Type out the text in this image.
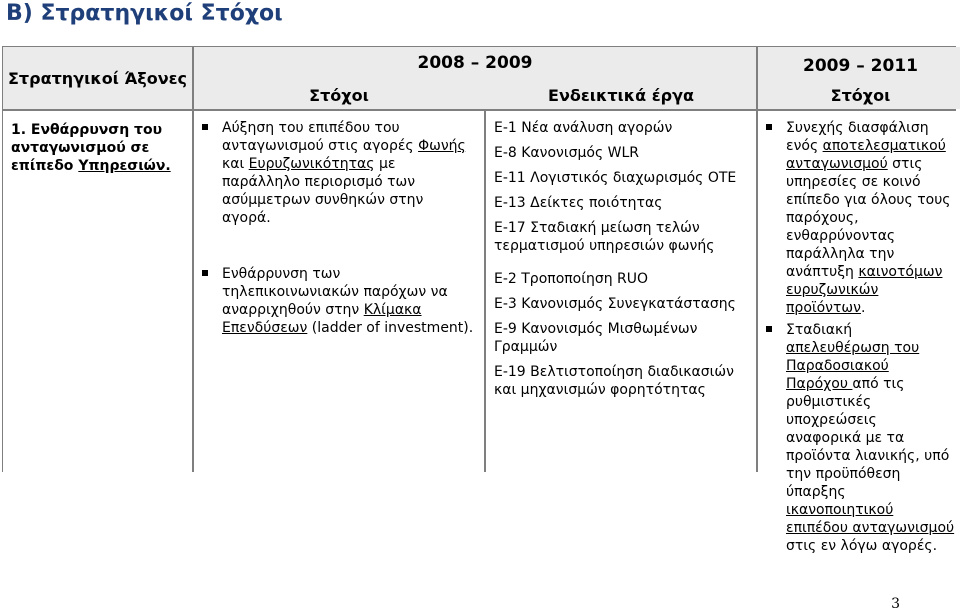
Β) Στρατηγικοί Στόχοι
Στρατηγικοί Άξονες
2008 – 2009
Στόχοι	Ενδεικτικά έργα
2009 – 2011
Στόχοι
1. Ενθάρρυνση του ανταγωνισμού σε επίπεδο Υπηρεσιών.
Αύξηση του επιπέδου του ανταγωνισμού στις αγορές Φωνής και Ευρυζωνικότητας με παράλληλο περιορισμό των ασύμμετρων συνθηκών στην αγορά.
Ενθάρρυνση των τηλεπικοινωνιακών παρόχων να αναρριχηθούν στην Κλίμακα Επενδύσεων (ladder of investment).
Ε-1 Νέα ανάλυση αγορών
Ε-8 Κανονισμός WLR
Ε-11 Λογιστικός διαχωρισμός ΟΤΕ
Ε-13 Δείκτες ποιότητας
Ε-17 Σταδιακή μείωση τελών τερματισμού υπηρεσιών φωνής
Ε-2 Τροποποίηση RUO
Ε-3 Κανονισμός Συνεγκατάστασης
Ε-9 Κανονισμός Μισθωμένων Γραμμών
Ε-19 Βελτιστοποίηση διαδικασιών και μηχανισμών φορητότητας
Συνεχής διασφάλιση ενός αποτελεσματικού ανταγωνισμού στις υπηρεσίες σε κοινό επίπεδο για όλους τους παρόχους, ενθαρρύνοντας παράλληλα την ανάπτυξη καινοτόμων ευρυζωνικών προϊόντων.
Σταδιακή απελευθέρωση του Παραδοσιακού Παρόχου από τις ρυθμιστικές υποχρεώσεις αναφορικά με τα προϊόντα λιανικής, υπό την προϋπόθεση ύπαρξης ικανοποιητικού επιπέδου ανταγωνισμού στις εν λόγω αγορές.
3
